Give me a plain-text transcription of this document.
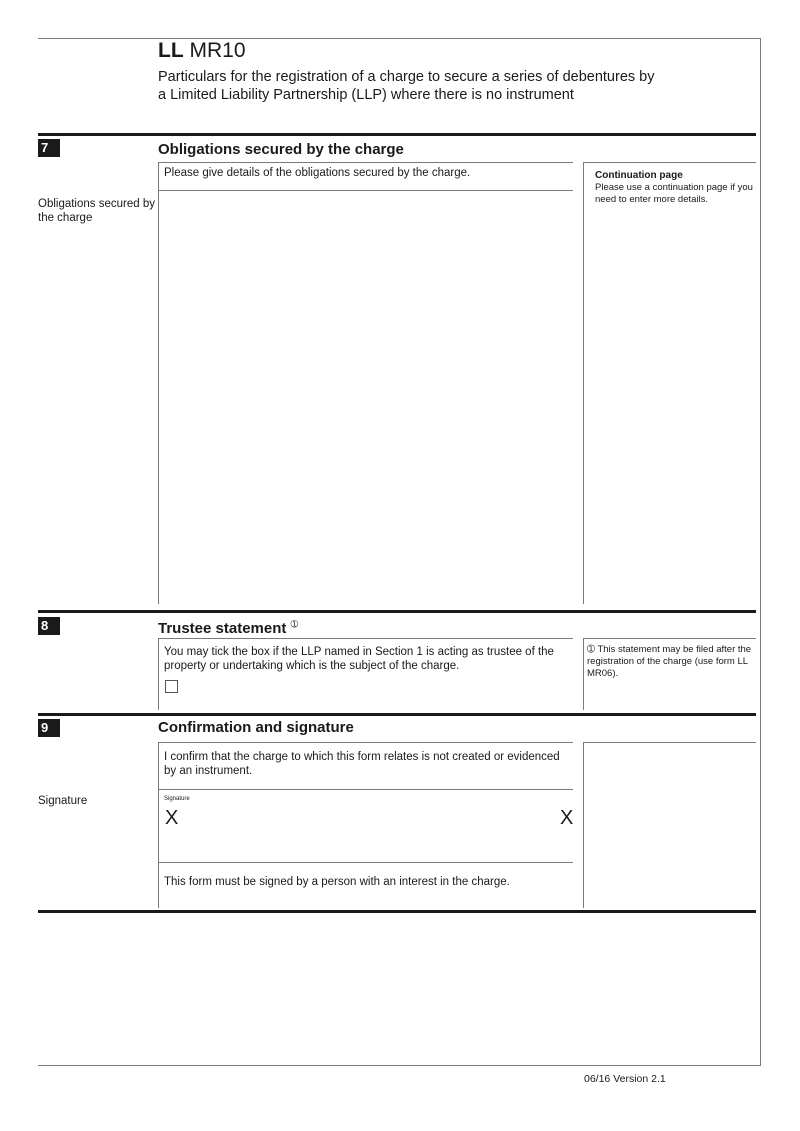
LL MR10
Particulars for the registration of a charge to secure a series of debentures by a Limited Liability Partnership (LLP) where there is no instrument
7	Obligations secured by the charge
Please give details of the obligations secured by the charge.
Obligations secured by the charge
Continuation page
Please use a continuation page if you need to enter more details.
8	Trustee statement $^➀$
You may tick the box if the LLP named in Section 1 is acting as trustee of the property or undertaking which is the subject of the charge.
➀ This statement may be filed after the registration of the charge (use form LL MR06).
9	Confirmation and signature
I confirm that the charge to which this form relates is not created or evidenced by an instrument.
Signature	Signature
X	X
This form must be signed by a person with an interest in the charge.
06/16 Version 2.1
